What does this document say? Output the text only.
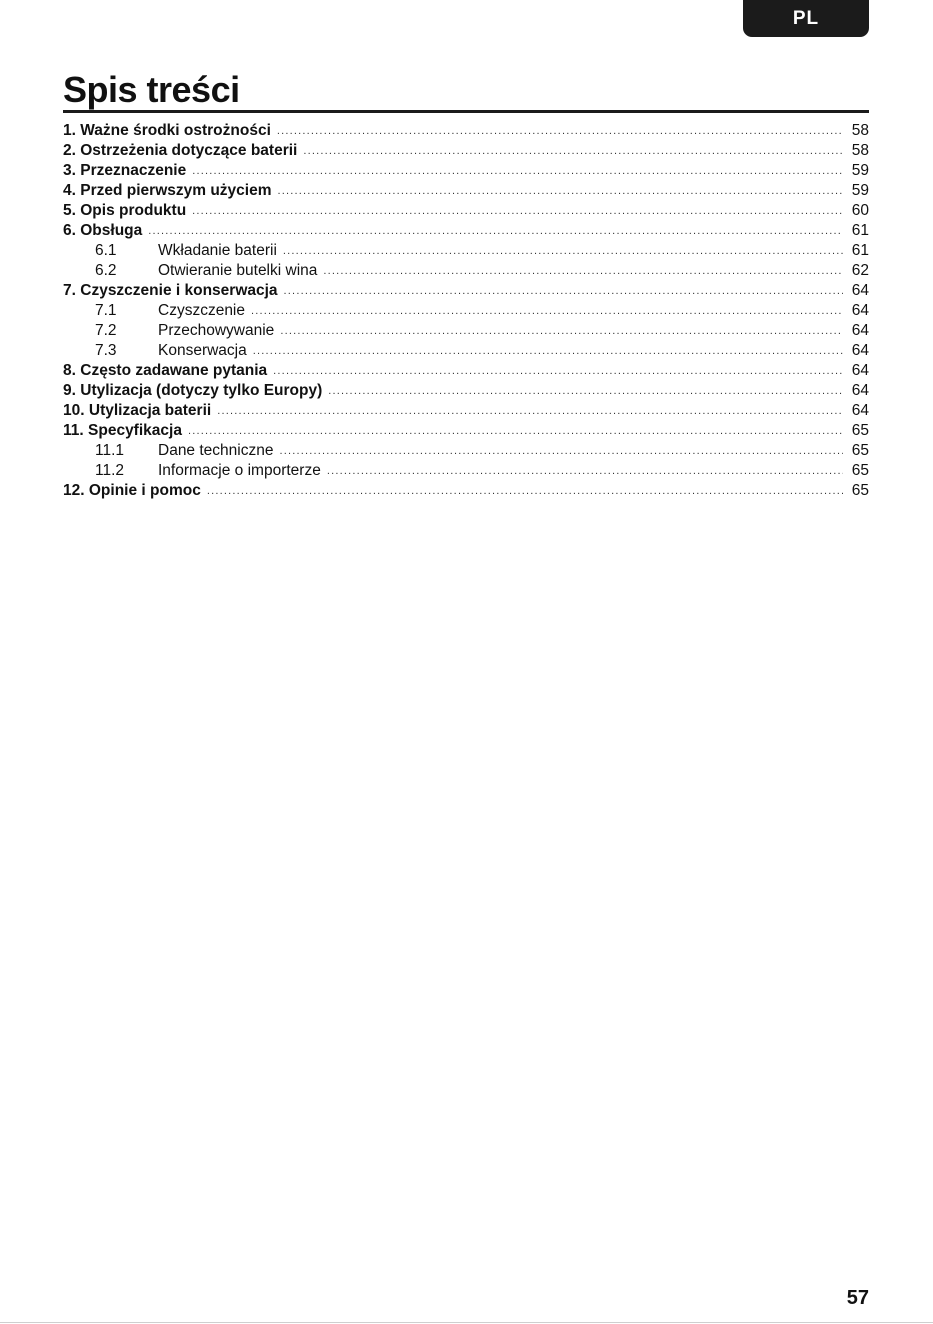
PL
Spis treści
1. Ważne środki ostrożności .....	58
2. Ostrzeżenia dotyczące baterii .....	58
3. Przeznaczenie .....	59
4. Przed pierwszym użyciem .....	59
5. Opis produktu .....	60
6. Obsługa .....	61
6.1	Wkładanie baterii .....	61
6.2	Otwieranie butelki wina .....	62
7. Czyszczenie i konserwacja .....	64
7.1	Czyszczenie .....	64
7.2	Przechowywanie .....	64
7.3	Konserwacja .....	64
8. Często zadawane pytania .....	64
9. Utylizacja (dotyczy tylko Europy) .....	64
10. Utylizacja baterii .....	64
11. Specyfikacja .....	65
11.1 Dane techniczne .....	65
11.2 Informacje o importerze .....	65
12. Opinie i pomoc .....	65
57
